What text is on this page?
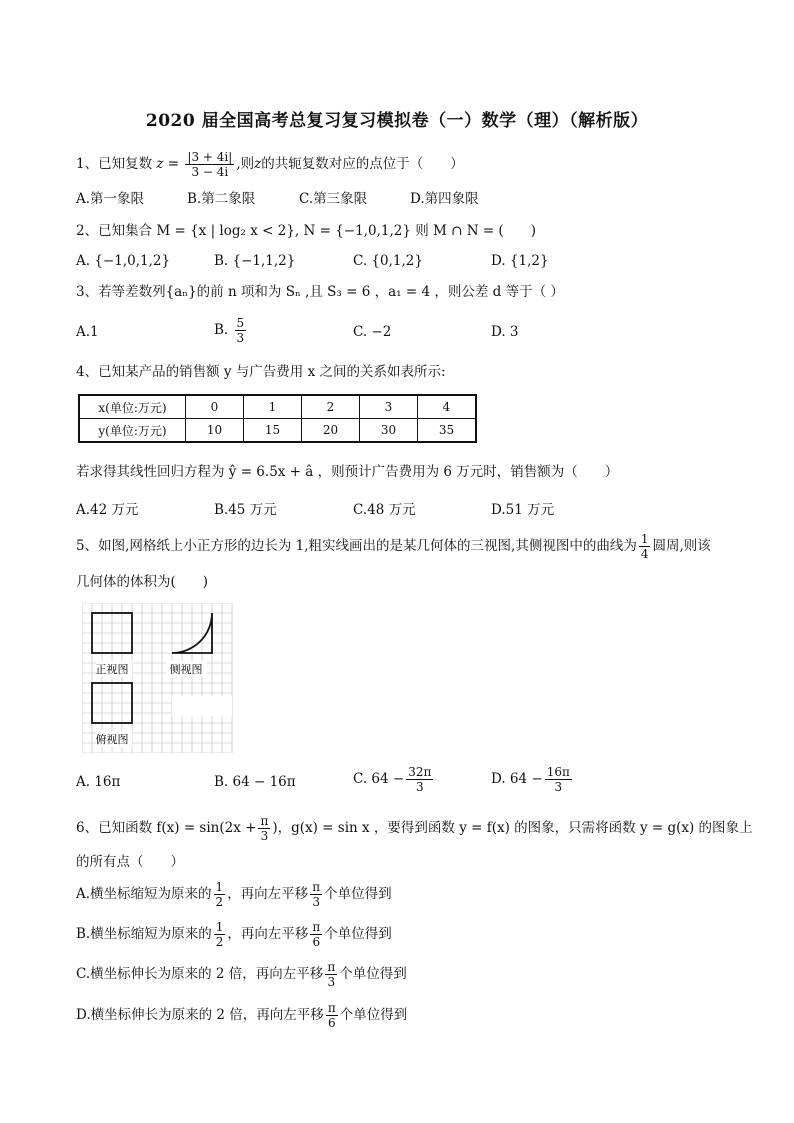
2020 届全国高考总复习复习模拟卷（一）数学（理）（解析版）
1、已知复数 $z = \frac{|3 + 4i|}{3 - 4i}$ ,则z的共轭复数对应的点位于（　　）
A.第一象限	B.第二象限	C.第三象限	D.第四象限
2、已知集合 M = {x | log₂ x < 2}, N = {−1,0,1,2} 则 M ∩ N = (　　)
A. {−1,0,1,2}	B. {−1,1,2}	C. {0,1,2}	D. {1,2}
3、若等差数列{aₙ}的前 n 项和为 Sₙ ,且 S₃ = 6 ，a₁ = 4 ，则公差 d 等于（ ）
A.1	B. $\frac{5}{3}$	C. −2	D. 3
4、已知某产品的销售额 y 与广告费用 x 之间的关系如表所示:
x(单位:万元)	0	1	2	3	4
y(单位:万元)	10	15	20	30	35
若求得其线性回归方程为 ŷ = 6.5x + â ，则预计广告费用为 6 万元时，销售额为（　　）
A.42 万元	B.45 万元	C.48 万元	D.51 万元
5、如图,网格纸上小正方形的边长为 1,粗实线画出的是某几何体的三视图,其侧视图中的曲线为 $\frac{1}{4}$ 圆周,则该
几何体的体积为(　　)
正视图	侧视图
俯视图
A. 16π	B. 64 − 16π	C. $64 - \frac{32\pi}{3}$	D. $64 - \frac{16\pi}{3}$
6、已知函数 $f(x) = \sin(2x + \frac{\pi}{3}$ )，g(x) = sin x ，要得到函数 y = f(x) 的图象，只需将函数 y = g(x) 的图象上
的所有点（　　）
A.横坐标缩短为原来的 $\frac{1}{2}$ ，再向左平移 $\frac{\pi}{3}$ 个单位得到
B.横坐标缩短为原来的 $\frac{1}{2}$ ，再向左平移 $\frac{\pi}{6}$ 个单位得到
C.横坐标伸长为原来的 2 倍，再向左平移 $\frac{\pi}{3}$ 个单位得到
D.横坐标伸长为原来的 2 倍，再向左平移 $\frac{\pi}{6}$ 个单位得到
